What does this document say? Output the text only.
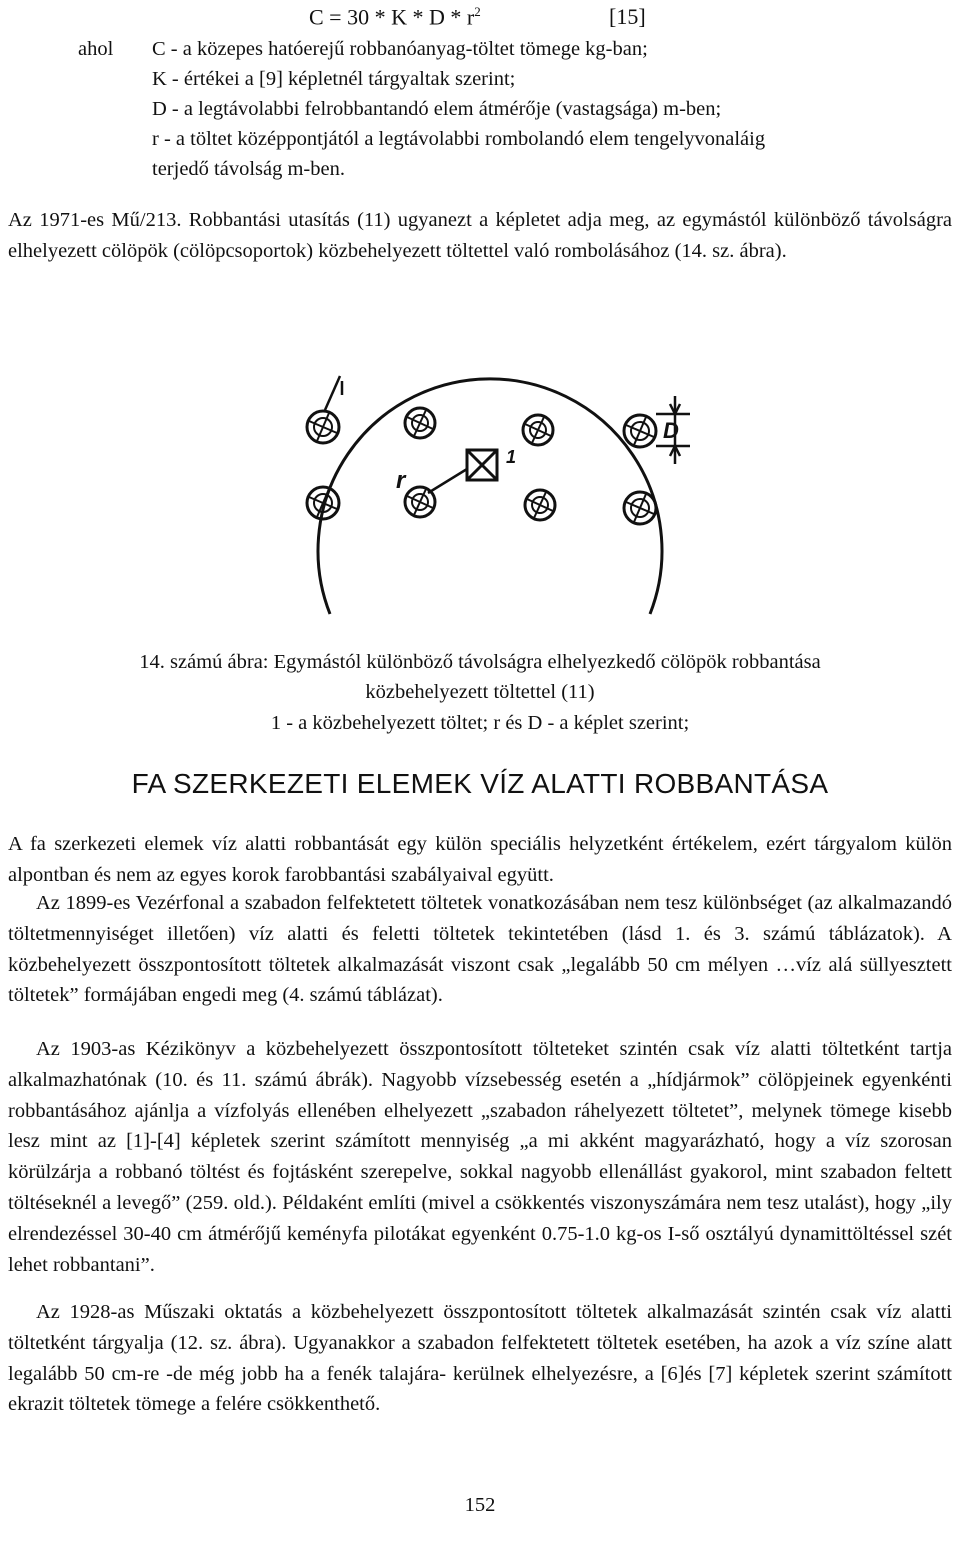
$C = 30 * K * D * r^2$	[15]
ahol C - a közepes hatóerejű robbanóanyag-töltet tömege kg-ban;
K - értékei a [9] képletnél tárgyaltak szerint;
D - a legtávolabbi felrobbantandó elem átmérője (vastagsága) m-ben;
r - a töltet középpontjától a legtávolabbi rombolandó elem tengelyvonaláig
terjedő távolság m-ben.

Az 1971-es Mű/213. Robbantási utasítás (11) ugyanezt a képletet adja meg, az egymástól különböző távolságra elhelyezett cölöpök (cölöpcsoportok) közbehelyezett töltettel való rombolásához (14. sz. ábra).

r
1
D
14. számú ábra: Egymástól különböző távolságra elhelyezkedő cölöpök robbantása
közbehelyezett töltettel (11)
1 - a közbehelyezett töltet; r és D - a képlet szerint;
FA SZERKEZETI ELEMEK VÍZ ALATTI ROBBANTÁSA

A fa szerkezeti elemek víz alatti robbantását egy külön speciális helyzetként értékelem, ezért tárgyalom külön alpontban és nem az egyes korok farobbantási szabályaival együtt.

Az 1899-es Vezérfonal a szabadon felfektetett töltetek vonatkozásában nem tesz különbséget (az alkalmazandó töltetmennyiséget illetően) víz alatti és feletti töltetek tekintetében (lásd 1. és 3. számú táblázatok). A közbehelyezett összpontosított töltetek alkalmazását viszont csak „legalább 50 cm mélyen …víz alá süllyesztett töltetek” formájában engedi meg (4. számú táblázat).

Az 1903-as Kézikönyv a közbehelyezett összpontosított tölteteket szintén csak víz alatti töltetként tartja alkalmazhatónak (10. és 11. számú ábrák). Nagyobb vízsebesség esetén a „hídjármok” cölöpjeinek egyenkénti robbantásához ajánlja a vízfolyás ellenében elhelyezett „szabadon ráhelyezett töltetet”, melynek tömege kisebb lesz mint az [1]-[4] képletek szerint számított mennyiség „a mi akként magyarázható, hogy a víz szorosan körülzárja a robbanó töltést és fojtásként szerepelve, sokkal nagyobb ellenállást gyakorol, mint szabadon feltett töltéseknél a levegő” (259. old.). Példaként említi (mivel a csökkentés viszonyszámára nem tesz utalást), hogy „ily elrendezéssel 30-40 cm átmérőjű keményfa pilotákat egyenként 0.75-1.0 kg-os I-ső osztályú dynamittöltéssel szét lehet robbantani”.

Az 1928-as Műszaki oktatás a közbehelyezett összpontosított töltetek alkalmazását szintén csak víz alatti töltetként tárgyalja (12. sz. ábra). Ugyanakkor a szabadon felfektetett töltetek esetében, ha azok a víz színe alatt legalább 50 cm-re -de még jobb ha a fenék talajára- kerülnek elhelyezésre, a [6]és [7] képletek szerint számított ekrazit töltetek tömege a felére csökkenthető.

152
